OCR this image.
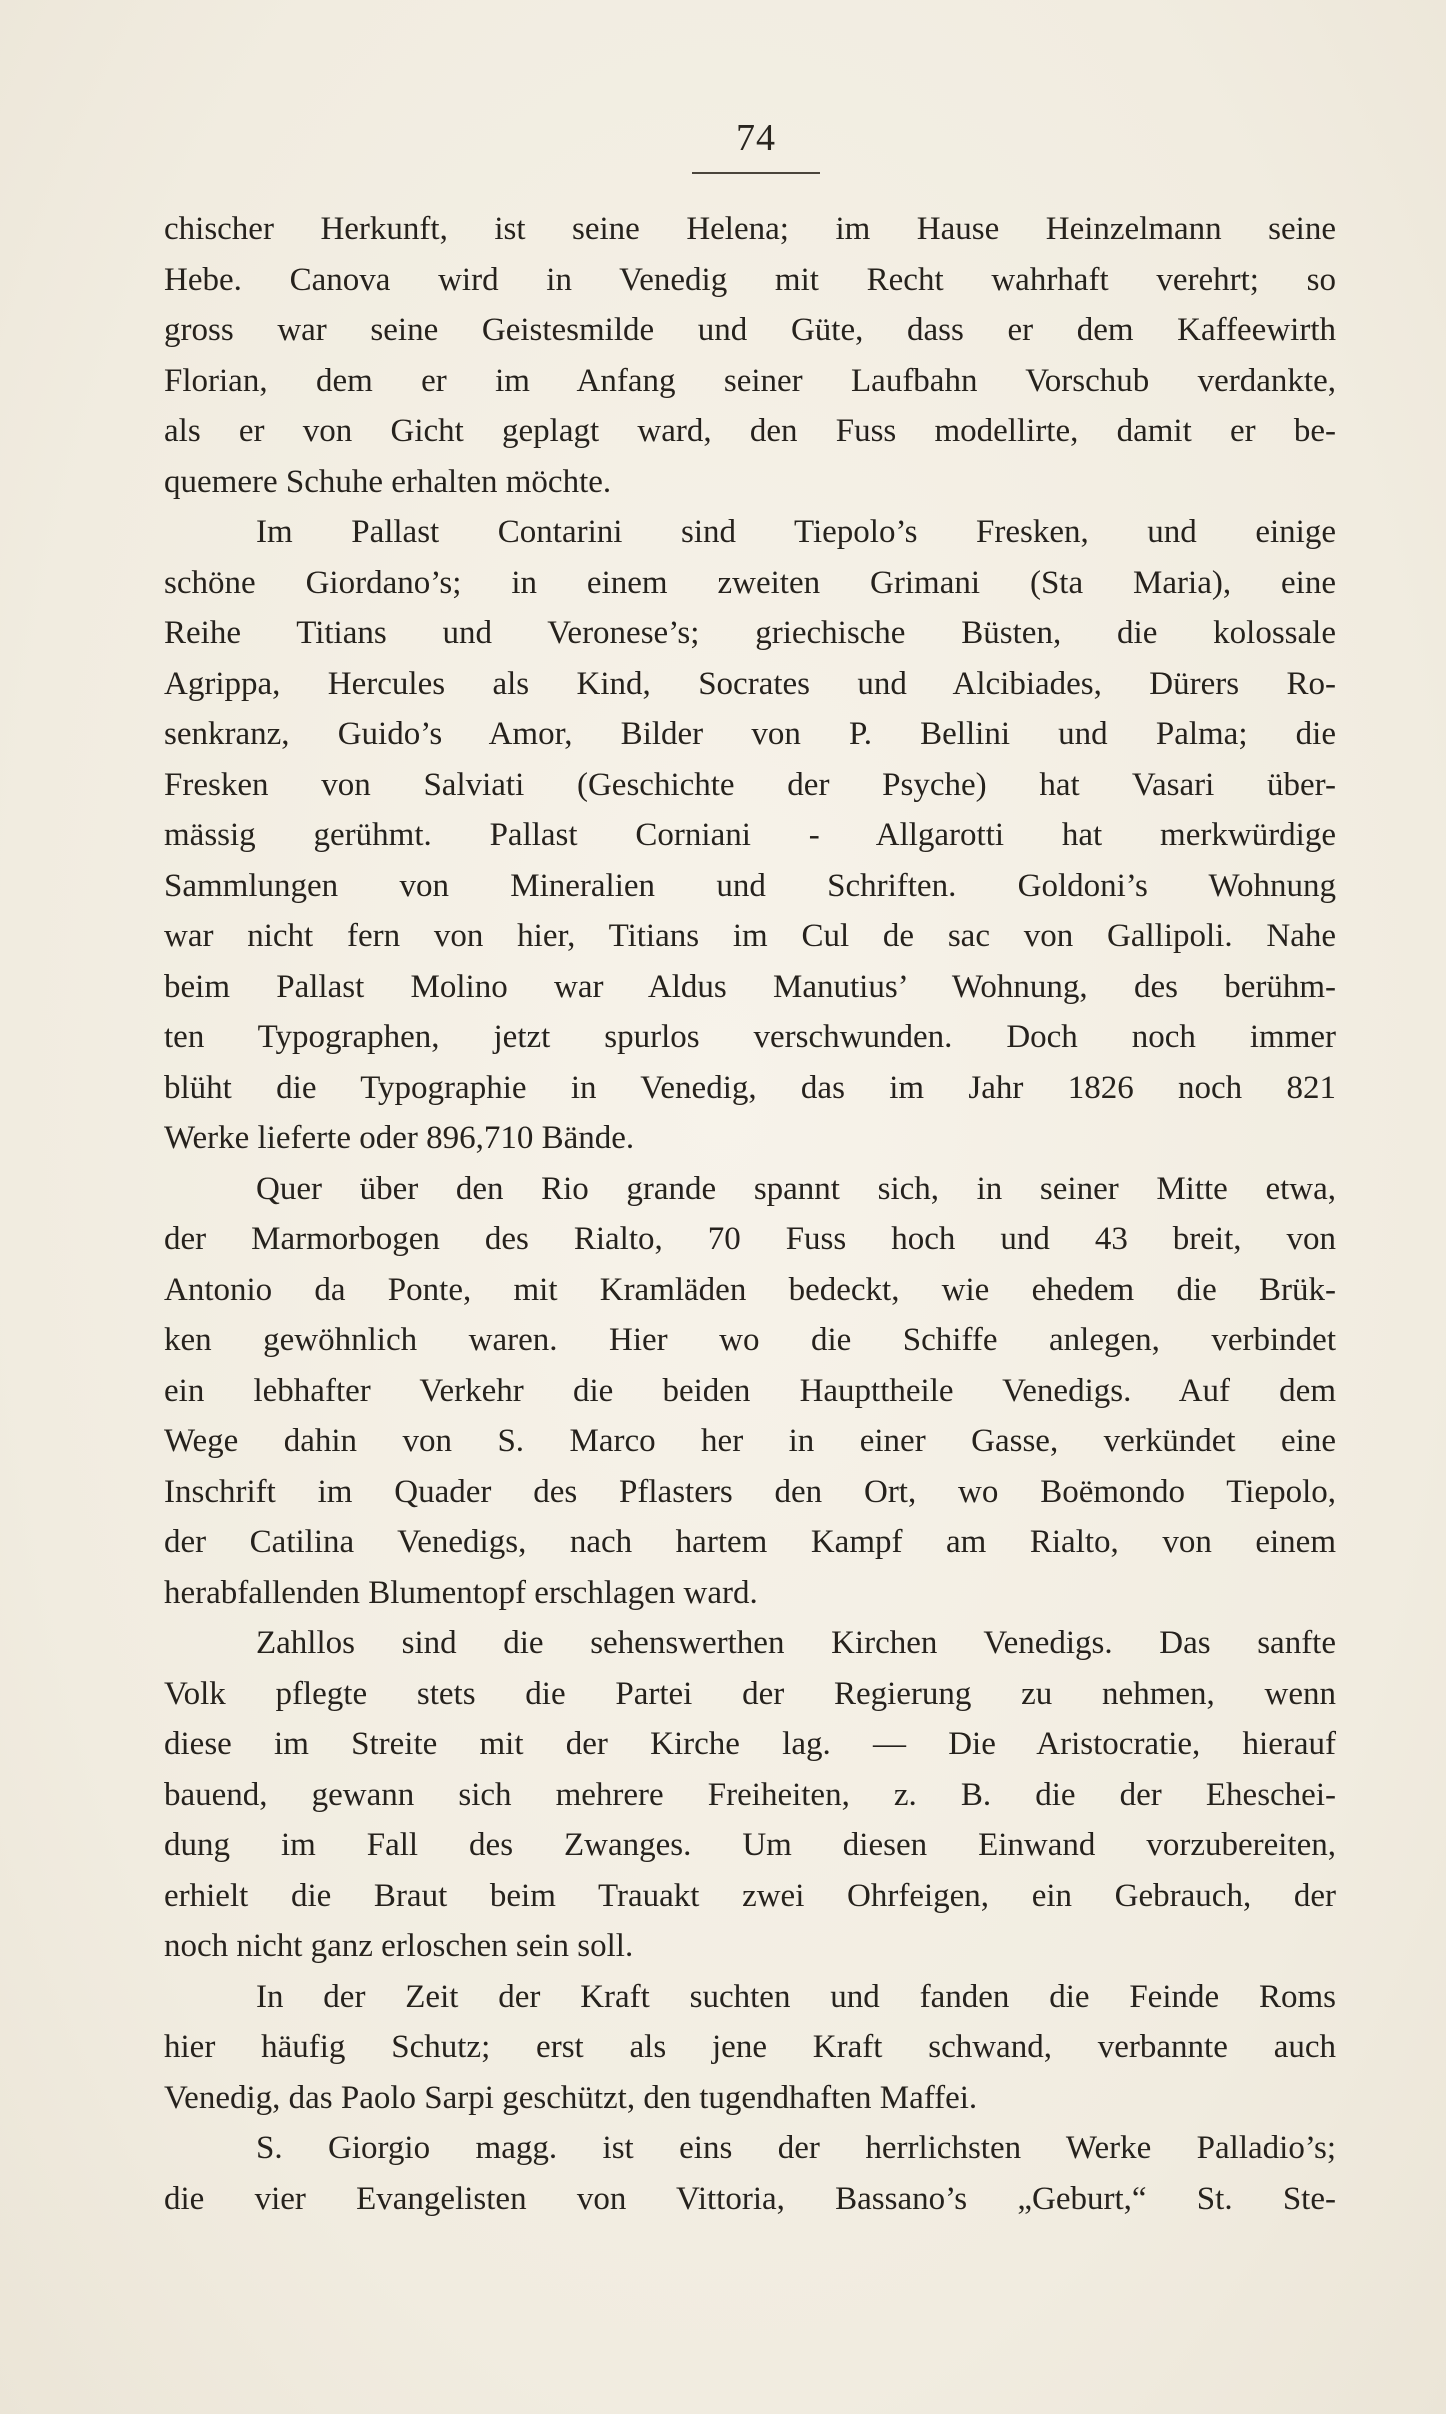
74
chischer Herkunft, ist seine Helena; im Hause Heinzelmann seine
Hebe. Canova wird in Venedig mit Recht wahrhaft verehrt; so
gross war seine Geistesmilde und Güte, dass er dem Kaffeewirth
Florian, dem er im Anfang seiner Laufbahn Vorschub verdankte,
als er von Gicht geplagt ward, den Fuss modellirte, damit er be-
quemere Schuhe erhalten möchte.
Im Pallast Contarini sind Tiepolo’s Fresken, und einige
schöne Giordano’s; in einem zweiten Grimani (Sta Maria), eine
Reihe Titians und Veronese’s; griechische Büsten, die kolossale
Agrippa, Hercules als Kind, Socrates und Alcibiades, Dürers Ro-
senkranz, Guido’s Amor, Bilder von P. Bellini und Palma; die
Fresken von Salviati (Geschichte der Psyche) hat Vasari über-
mässig gerühmt. Pallast Corniani - Allgarotti hat merkwürdige
Sammlungen von Mineralien und Schriften. Goldoni’s Wohnung
war nicht fern von hier, Titians im Cul de sac von Gallipoli. Nahe
beim Pallast Molino war Aldus Manutius’ Wohnung, des berühm-
ten Typographen, jetzt spurlos verschwunden. Doch noch immer
blüht die Typographie in Venedig, das im Jahr 1826 noch 821
Werke lieferte oder 896,710 Bände.
Quer über den Rio grande spannt sich, in seiner Mitte etwa,
der Marmorbogen des Rialto, 70 Fuss hoch und 43 breit, von
Antonio da Ponte, mit Kramläden bedeckt, wie ehedem die Brük-
ken gewöhnlich waren. Hier wo die Schiffe anlegen, verbindet
ein lebhafter Verkehr die beiden Haupttheile Venedigs. Auf dem
Wege dahin von S. Marco her in einer Gasse, verkündet eine
Inschrift im Quader des Pflasters den Ort, wo Boëmondo Tiepolo,
der Catilina Venedigs, nach hartem Kampf am Rialto, von einem
herabfallenden Blumentopf erschlagen ward.
Zahllos sind die sehenswerthen Kirchen Venedigs. Das sanfte
Volk pflegte stets die Partei der Regierung zu nehmen, wenn
diese im Streite mit der Kirche lag. — Die Aristocratie, hierauf
bauend, gewann sich mehrere Freiheiten, z. B. die der Eheschei-
dung im Fall des Zwanges. Um diesen Einwand vorzubereiten,
erhielt die Braut beim Trauakt zwei Ohrfeigen, ein Gebrauch, der
noch nicht ganz erloschen sein soll.
In der Zeit der Kraft suchten und fanden die Feinde Roms
hier häufig Schutz; erst als jene Kraft schwand, verbannte auch
Venedig, das Paolo Sarpi geschützt, den tugendhaften Maffei.
S. Giorgio magg. ist eins der herrlichsten Werke Palladio’s;
die vier Evangelisten von Vittoria, Bassano’s „Geburt,“ St. Ste-
